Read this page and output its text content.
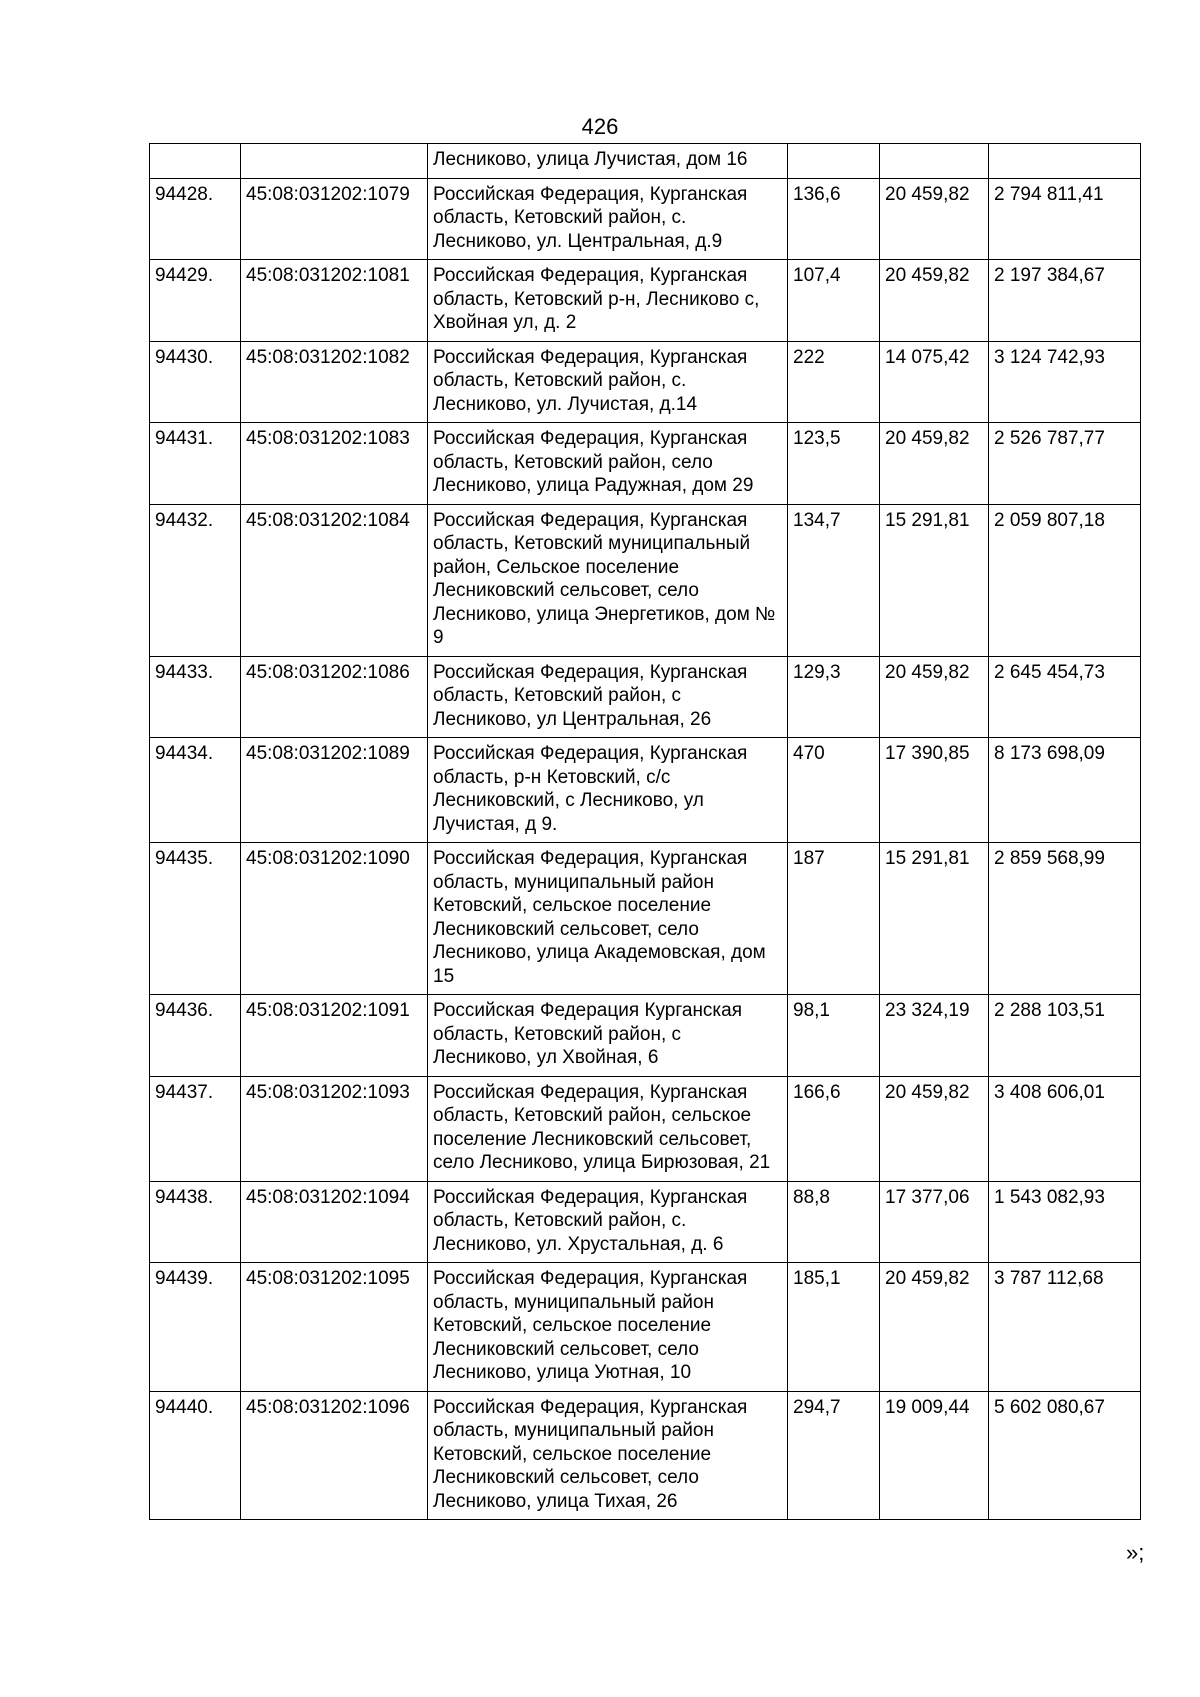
426
		Лесниково, улица Лучистая, дом 16			
94428.	45:08:031202:1079	Российская Федерация, Курганская область, Кетовский район, с. Лесниково, ул. Центральная, д.9	136,6	20 459,82	2 794 811,41
94429.	45:08:031202:1081	Российская Федерация, Курганская область, Кетовский р-н, Лесниково с, Хвойная ул, д. 2	107,4	20 459,82	2 197 384,67
94430.	45:08:031202:1082	Российская Федерация, Курганская область, Кетовский район, с. Лесниково, ул. Лучистая, д.14	222	14 075,42	3 124 742,93
94431.	45:08:031202:1083	Российская Федерация, Курганская область, Кетовский район, село Лесниково, улица Радужная, дом 29	123,5	20 459,82	2 526 787,77
94432.	45:08:031202:1084	Российская Федерация, Курганская область, Кетовский муниципальный район, Сельское поселение Лесниковский сельсовет, село Лесниково, улица Энергетиков, дом № 9	134,7	15 291,81	2 059 807,18
94433.	45:08:031202:1086	Российская Федерация, Курганская область, Кетовский район, с Лесниково, ул Центральная, 26	129,3	20 459,82	2 645 454,73
94434.	45:08:031202:1089	Российская Федерация, Курганская область, р-н Кетовский, с/с Лесниковский, с Лесниково, ул Лучистая, д 9.	470	17 390,85	8 173 698,09
94435.	45:08:031202:1090	Российская Федерация, Курганская область, муниципальный район Кетовский, сельское поселение Лесниковский сельсовет, село Лесниково, улица Академовская, дом 15	187	15 291,81	2 859 568,99
94436.	45:08:031202:1091	Российская Федерация Курганская область, Кетовский район, с Лесниково, ул Хвойная, 6	98,1	23 324,19	2 288 103,51
94437.	45:08:031202:1093	Российская Федерация, Курганская область, Кетовский район, сельское поселение Лесниковский сельсовет, село Лесниково, улица Бирюзовая, 21	166,6	20 459,82	3 408 606,01
94438.	45:08:031202:1094	Российская Федерация, Курганская область, Кетовский район, с. Лесниково, ул. Хрустальная, д. 6	88,8	17 377,06	1 543 082,93
94439.	45:08:031202:1095	Российская Федерация, Курганская область, муниципальный район Кетовский, сельское поселение Лесниковский сельсовет, село Лесниково, улица Уютная, 10	185,1	20 459,82	3 787 112,68
94440.	45:08:031202:1096	Российская Федерация, Курганская область, муниципальный район Кетовский, сельское поселение Лесниковский сельсовет, село Лесниково, улица Тихая, 26	294,7	19 009,44	5 602 080,67
»;
